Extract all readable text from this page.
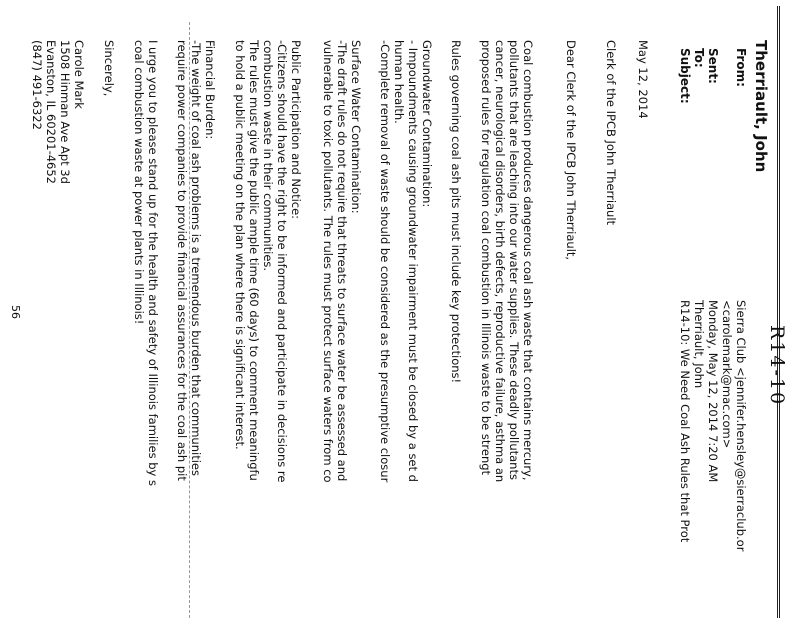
Therriault, John
R14-10
From:
Sierra Club <jennifer.hensley@sierraclub.or
<carolemark@mac.com>
Sent:
Monday, May 12, 2014 7:20 AM
To:
Therriault, John
Subject:
R14-10: We Need Coal Ash Rules that Prot
May 12, 2014
Clerk of the IPCB John Therriault
Dear Clerk of the IPCB John Therriault,
Coal combustion produces dangerous coal ash waste that contains mercury,
pollutants that are leaching into our water supplies. These deadly pollutants
cancer, neurological disorders, birth defects, reproductive failure, asthma an
proposed rules for regulation coal combustion in Illinois waste to be strengt
Rules governing coal ash pits must include key protections!
Groundwater Contamination:
- Impoundments causing groundwater impairment must be closed by a set d
human health.
-Complete removal of waste should be considered as the presumptive closur
Surface Water Contamination:
-The draft rules do not require that threats to surface water be assessed and
vulnerable to toxic pollutants. The rules must protect surface waters from co
Public Participation and Notice:
-Citizens should have the right to be informed and participate in decisions re
combustion waste in their communities.
The rules must give the public ample time (60 days) to comment meaningfu
to hold a public meeting on the plan where there is significant interest.
Financial Burden:
-The weight of coal ash problems is a tremendous burden that communities
require power companies to provide financial assurances for the coal ash pit
I urge you to please stand up for the health and safety of Illinois families by s
coal combustion waste at power plants in Illinois!
Sincerely,
Carole Mark
1508 Hinman Ave Apt 3d
Evanston, IL 60201-4652
(847) 491-6322
56
